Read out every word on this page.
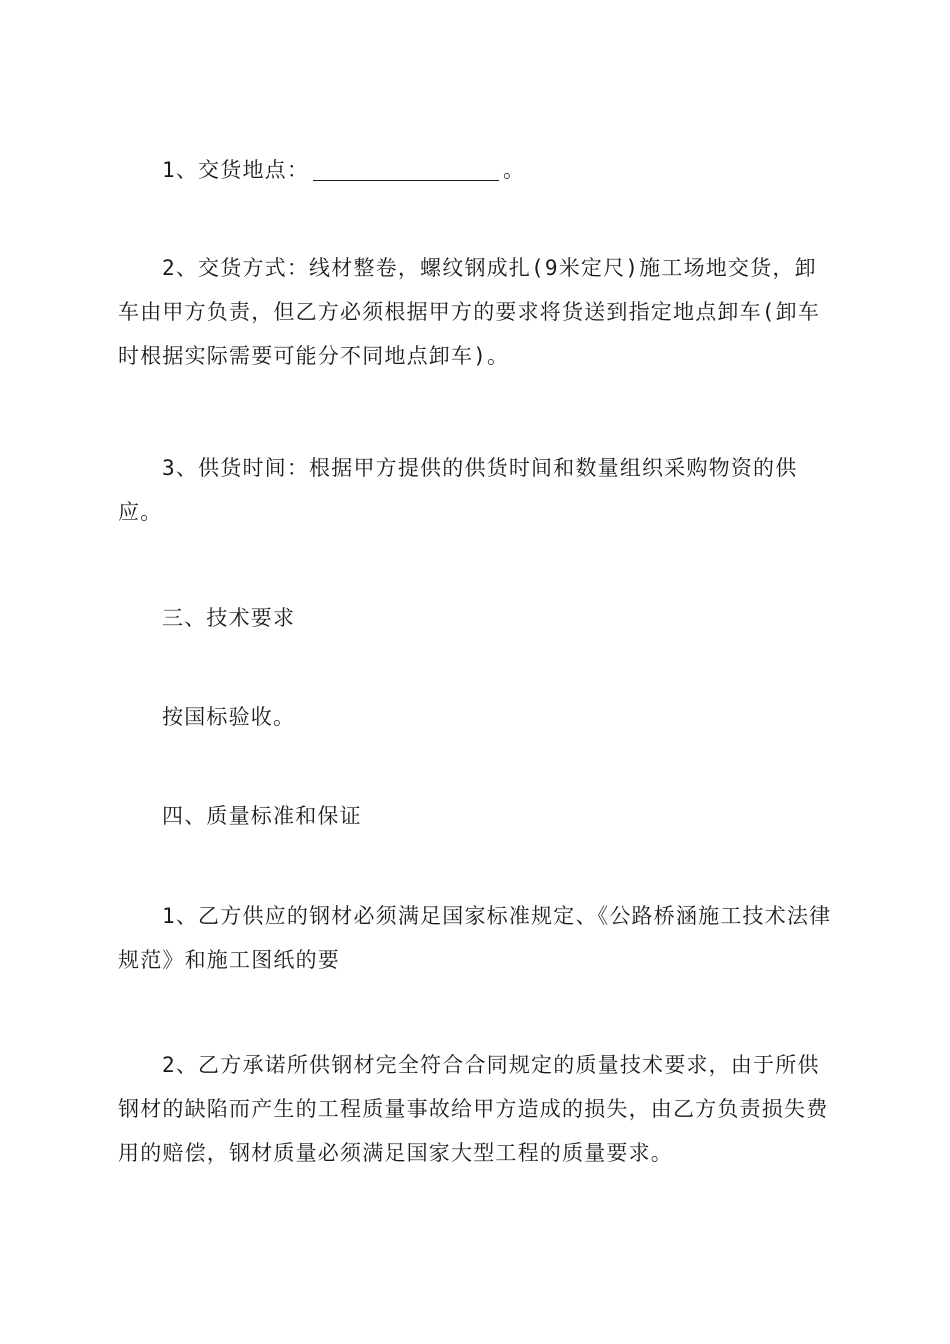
1、交货地点：	。

2、交货方式：线材整卷，螺纹钢成扎(9米定尺)施工场地交货，卸车由甲方负责，但乙方必须根据甲方的要求将货送到指定地点卸车(卸车时根据实际需要可能分不同地点卸车)。

3、供货时间：根据甲方提供的供货时间和数量组织采购物资的供应。

三、技术要求

按国标验收。

四、质量标准和保证

1、乙方供应的钢材必须满足国家标准规定、《公路桥涵施工技术法律规范》和施工图纸的要

2、乙方承诺所供钢材完全符合合同规定的质量技术要求，由于所供钢材的缺陷而产生的工程质量事故给甲方造成的损失，由乙方负责损失费用的赔偿，钢材质量必须满足国家大型工程的质量要求。
